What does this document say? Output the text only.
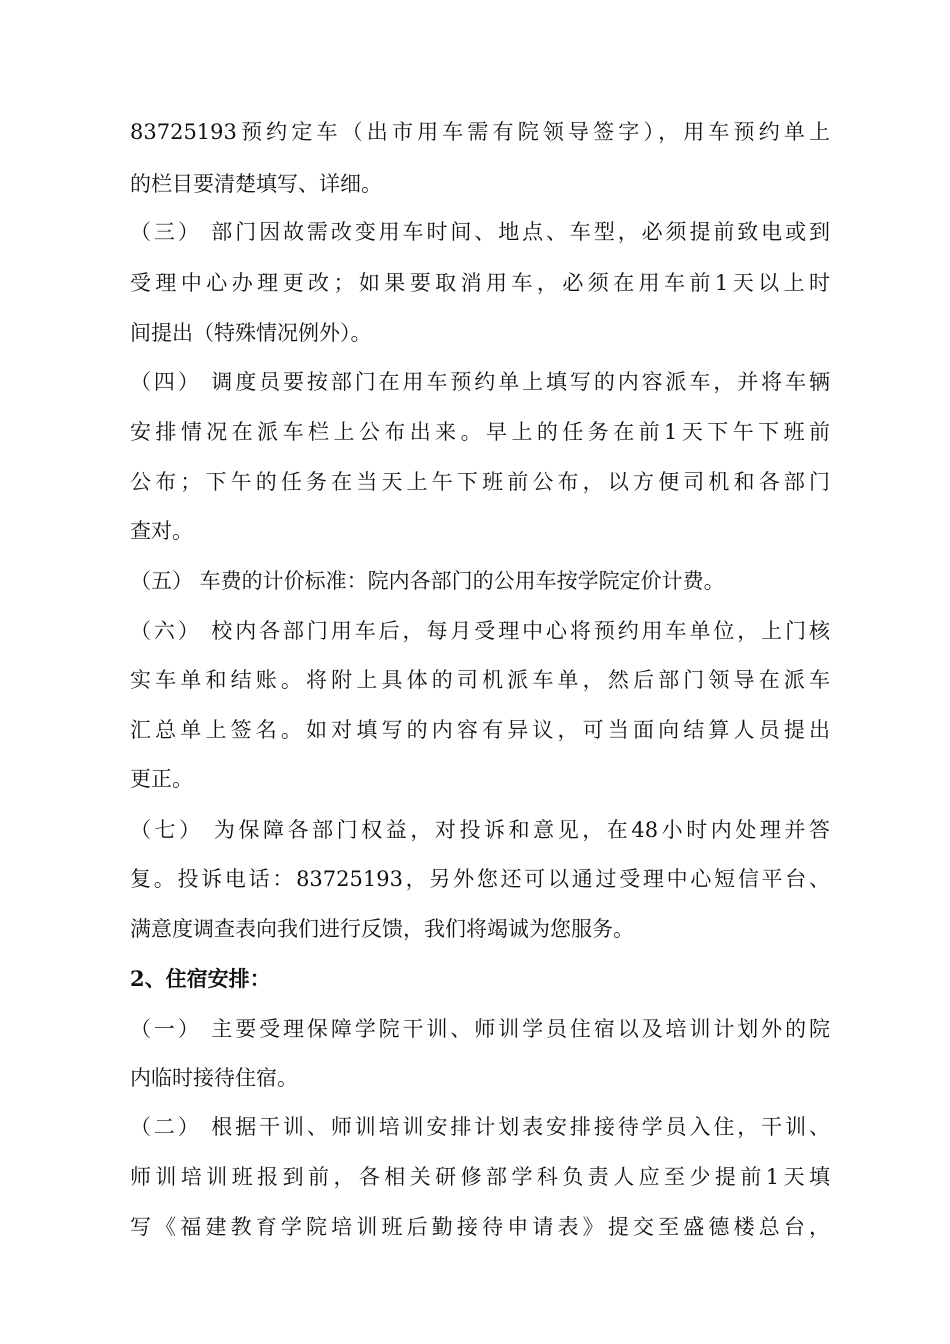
83725193预约定车（出市用车需有院领导签字），用车预约单上
的栏目要清楚填写、详细。
（三） 部门因故需改变用车时间、地点、车型，必须提前致电或到
受理中心办理更改；如果要取消用车，必须在用车前1天以上时
间提出（特殊情况例外）。
（四） 调度员要按部门在用车预约单上填写的内容派车，并将车辆
安排情况在派车栏上公布出来。早上的任务在前1天下午下班前
公布；下午的任务在当天上午下班前公布，以方便司机和各部门
查对。
（五） 车费的计价标准：院内各部门的公用车按学院定价计费。
（六） 校内各部门用车后，每月受理中心将预约用车单位，上门核
实车单和结账。将附上具体的司机派车单，然后部门领导在派车
汇总单上签名。如对填写的内容有异议，可当面向结算人员提出
更正。
（七） 为保障各部门权益，对投诉和意见，在48小时内处理并答
复。投诉电话：83725193，另外您还可以通过受理中心短信平台、
满意度调查表向我们进行反馈，我们将竭诚为您服务。
2、住宿安排：
（一） 主要受理保障学院干训、师训学员住宿以及培训计划外的院
内临时接待住宿。
（二） 根据干训、师训培训安排计划表安排接待学员入住，干训、
师训培训班报到前，各相关研修部学科负责人应至少提前1天填
写《福建教育学院培训班后勤接待申请表》提交至盛德楼总台，
